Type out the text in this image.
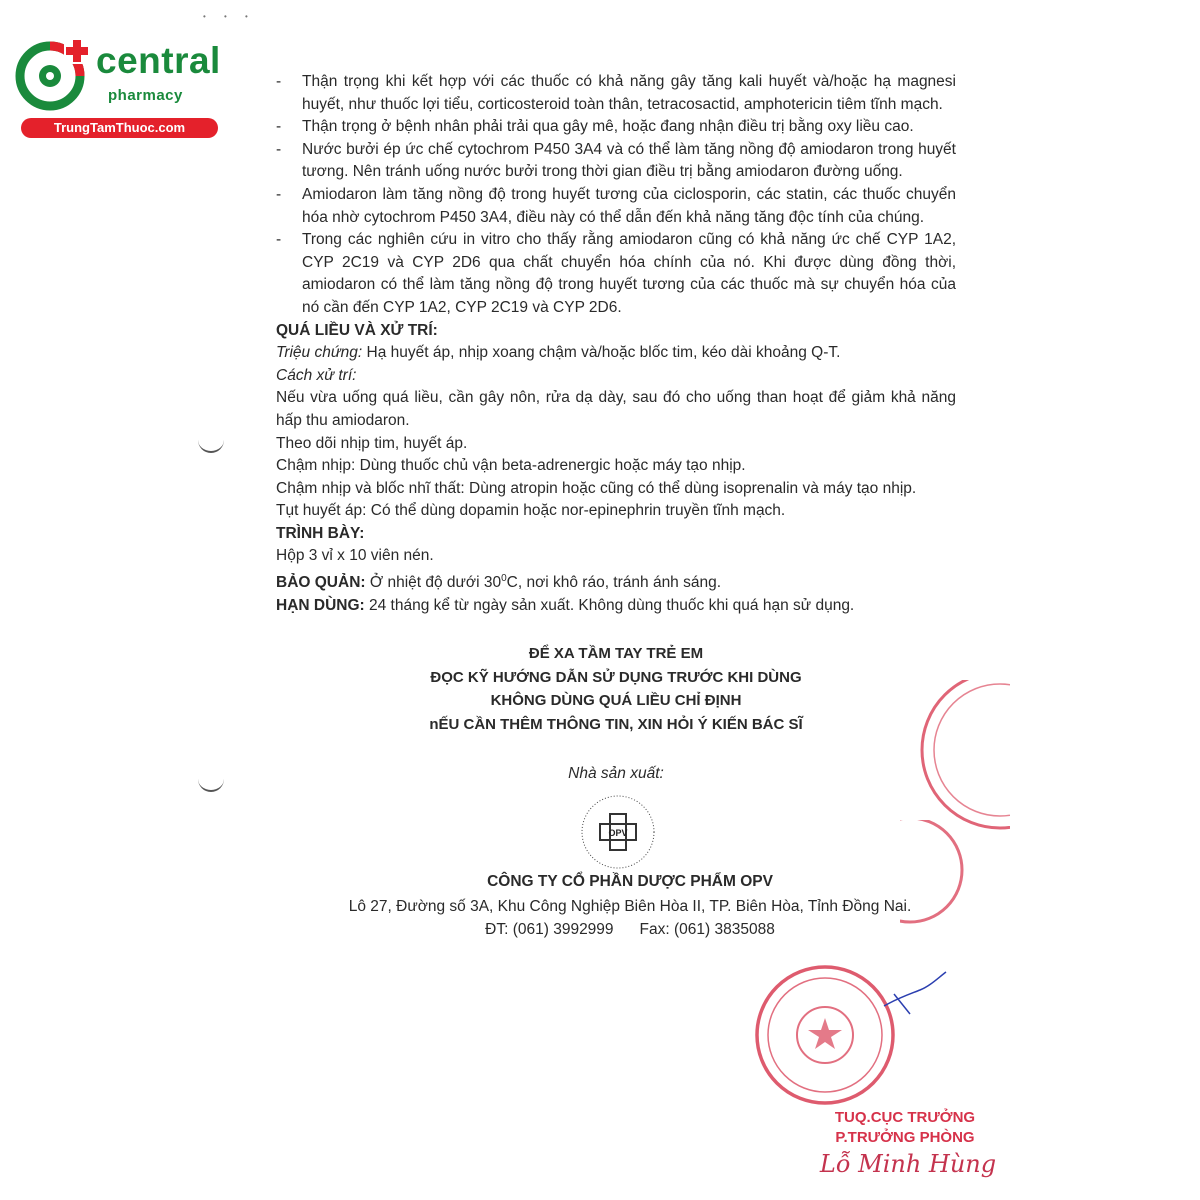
central
pharmacy
TrungTamThuoc.com
• • •
- Thận trọng khi kết hợp với các thuốc có khả năng gây tăng kali huyết và/hoặc hạ magnesi huyết, như thuốc lợi tiểu, corticosteroid toàn thân, tetracosactid, amphotericin tiêm tĩnh mạch.
- Thận trọng ở bệnh nhân phải trải qua gây mê, hoặc đang nhận điều trị bằng oxy liều cao.
- Nước bưởi ép ức chế cytochrom P450 3A4 và có thể làm tăng nồng độ amiodaron trong huyết tương. Nên tránh uống nước bưởi trong thời gian điều trị bằng amiodaron đường uống.
- Amiodaron làm tăng nồng độ trong huyết tương của ciclosporin, các statin, các thuốc chuyển hóa nhờ cytochrom P450 3A4, điều này có thể dẫn đến khả năng tăng độc tính của chúng.
- Trong các nghiên cứu in vitro cho thấy rằng amiodaron cũng có khả năng ức chế CYP 1A2, CYP 2C19 và CYP 2D6 qua chất chuyển hóa chính của nó. Khi được dùng đồng thời, amiodaron có thể làm tăng nồng độ trong huyết tương của các thuốc mà sự chuyển hóa của nó cần đến CYP 1A2, CYP 2C19 và CYP 2D6.
QUÁ LIỀU VÀ XỬ TRÍ:
Triệu chứng: Hạ huyết áp, nhịp xoang chậm và/hoặc blốc tim, kéo dài khoảng Q-T.
Cách xử trí:
Nếu vừa uống quá liều, cần gây nôn, rửa dạ dày, sau đó cho uống than hoạt để giảm khả năng hấp thu amiodaron.
Theo dõi nhịp tim, huyết áp.
Chậm nhịp: Dùng thuốc chủ vận beta-adrenergic hoặc máy tạo nhịp.
Chậm nhịp và blốc nhĩ thất: Dùng atropin hoặc cũng có thể dùng isoprenalin và máy tạo nhịp.
Tụt huyết áp: Có thể dùng dopamin hoặc nor-epinephrin truyền tĩnh mạch.
TRÌNH BÀY:
Hộp 3 vỉ x 10 viên nén.
BẢO QUẢN: Ở nhiệt độ dưới $30^0C$, nơi khô ráo, tránh ánh sáng.
HẠN DÙNG: 24 tháng kể từ ngày sản xuất. Không dùng thuốc khi quá hạn sử dụng.
ĐỂ XA TẦM TAY TRẺ EM
ĐỌC KỸ HƯỚNG DẪN SỬ DỤNG TRƯỚC KHI DÙNG
KHÔNG DÙNG QUÁ LIỀU CHỈ ĐỊNH
nẾU CẦN THÊM THÔNG TIN, XIN HỎI Ý KIẾN BÁC SĨ
Nhà sản xuất:
OPV
CÔNG TY CỔ PHẦN DƯỢC PHẨM OPV
Lô 27, Đường số 3A, Khu Công Nghiệp Biên Hòa II, TP. Biên Hòa, Tỉnh Đồng Nai.
ĐT: (061) 3992999 Fax: (061) 3835088
TUQ.CỤC TRƯỞNG
P.TRƯỞNG PHÒNG
Lỗ Minh Hùng
